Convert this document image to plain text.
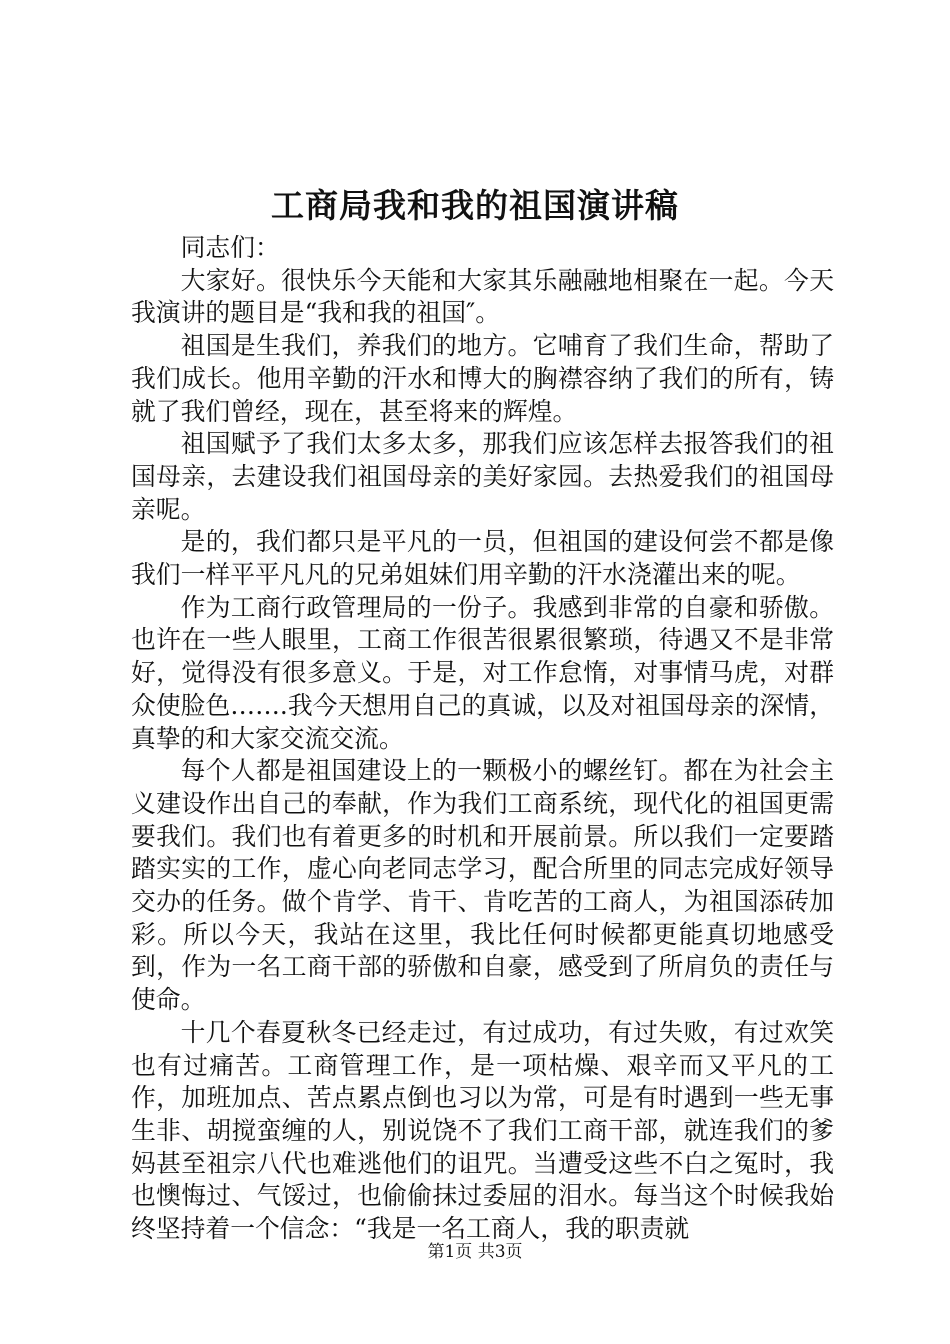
工商局我和我的祖国演讲稿

同志们：

大家好。很快乐今天能和大家其乐融融地相聚在一起。今天我演讲的题目是“我和我的祖国″。

祖国是生我们，养我们的地方。它哺育了我们生命，帮助了我们成长。他用辛勤的汗水和博大的胸襟容纳了我们的所有，铸就了我们曾经，现在，甚至将来的辉煌。

祖国赋予了我们太多太多，那我们应该怎样去报答我们的祖国母亲，去建设我们祖国母亲的美好家园。去热爱我们的祖国母亲呢。

是的，我们都只是平凡的一员，但祖国的建设何尝不都是像我们一样平平凡凡的兄弟姐妹们用辛勤的汗水浇灌出来的呢。

作为工商行政管理局的一份子。我感到非常的自豪和骄傲。也许在一些人眼里，工商工作很苦很累很繁琐，待遇又不是非常好，觉得没有很多意义。于是，对工作怠惰，对事情马虎，对群众使脸色…….我今天想用自己的真诚，以及对祖国母亲的深情，真挚的和大家交流交流。

每个人都是祖国建设上的一颗极小的螺丝钉。都在为社会主义建设作出自己的奉献，作为我们工商系统，现代化的祖国更需要我们。我们也有着更多的时机和开展前景。所以我们一定要踏踏实实的工作，虚心向老同志学习，配合所里的同志完成好领导交办的任务。做个肯学、肯干、肯吃苦的工商人，为祖国添砖加彩。所以今天，我站在这里，我比任何时候都更能真切地感受到，作为一名工商干部的骄傲和自豪，感受到了所肩负的责任与使命。

十几个春夏秋冬已经走过，有过成功，有过失败，有过欢笑也有过痛苦。工商管理工作，是一项枯燥、艰辛而又平凡的工作，加班加点、苦点累点倒也习以为常，可是有时遇到一些无事生非、胡搅蛮缠的人，别说饶不了我们工商干部，就连我们的爹妈甚至祖宗八代也难逃他们的诅咒。当遭受这些不白之冤时，我也懊悔过、气馁过，也偷偷抹过委屈的泪水。每当这个时候我始终坚持着一个信念：“我是一名工商人，我的职责就

第1页 共3页
